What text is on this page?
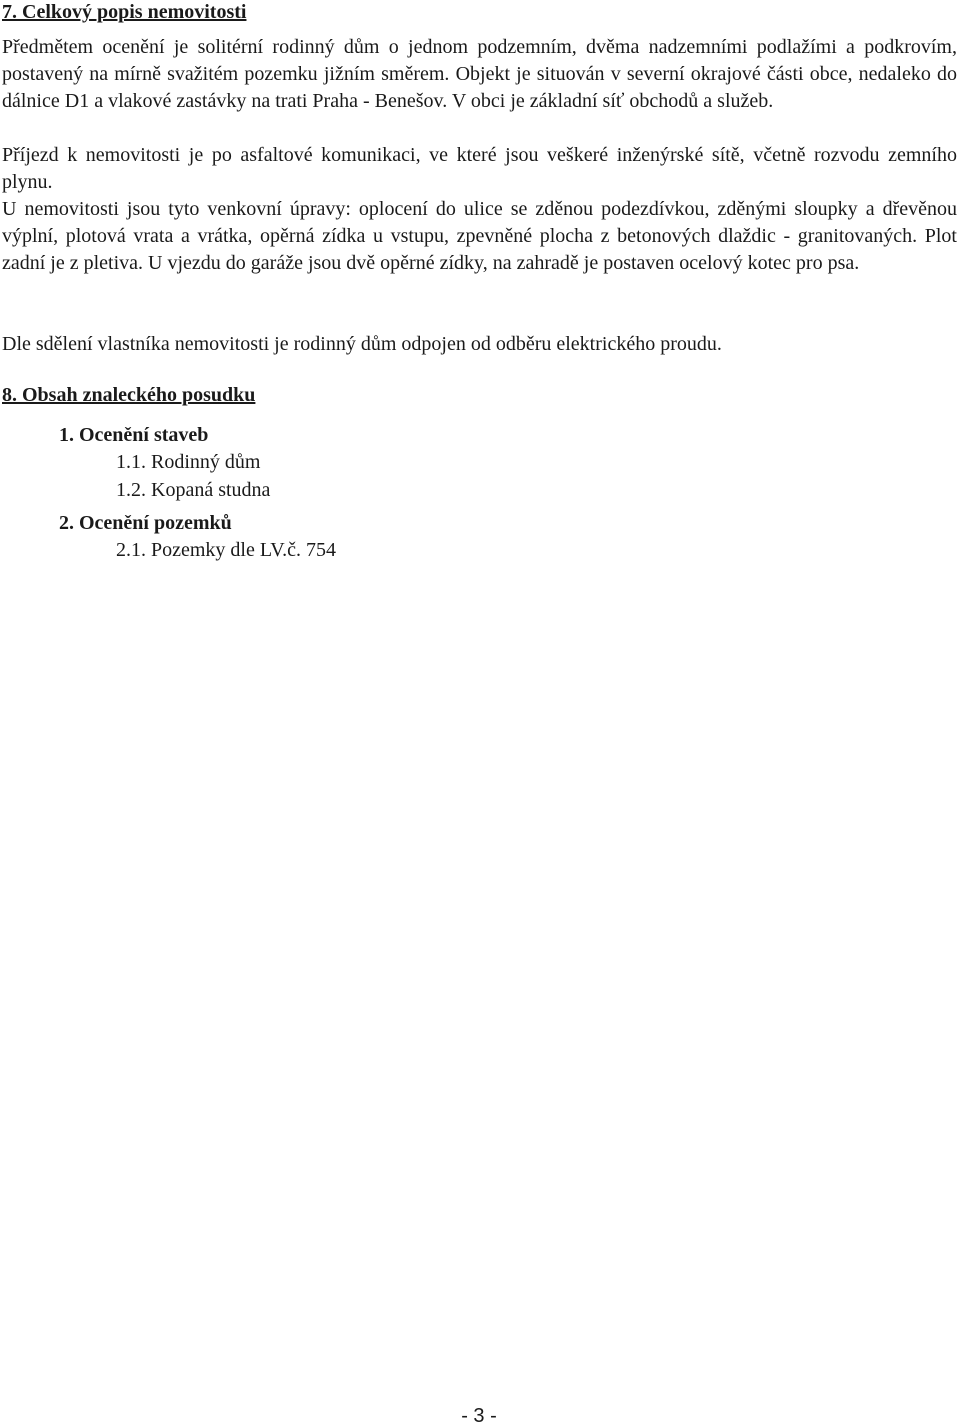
7. Celkový popis nemovitosti

Předmětem ocenění je solitérní rodinný dům o jednom podzemním, dvěma nadzemními podlažími a podkrovím, postavený na mírně svažitém pozemku jižním směrem. Objekt je situován v severní okrajové části obce, nedaleko do dálnice D1 a vlakové zastávky na trati Praha - Benešov. V obci je základní síť obchodů a služeb.

Příjezd k nemovitosti je po asfaltové komunikaci, ve které jsou veškeré inženýrské sítě, včetně rozvodu zemního plynu.

U nemovitosti jsou tyto venkovní úpravy: oplocení do ulice se zděnou podezdívkou, zděnými sloupky a dřevěnou výplní, plotová vrata a vrátka, opěrná zídka u vstupu, zpevněné plocha z betonových dlaždic - granitovaných. Plot zadní je z pletiva. U vjezdu do garáže jsou dvě opěrné zídky, na zahradě je postaven ocelový kotec pro psa.

Dle sdělení vlastníka nemovitosti je rodinný dům odpojen od odběru elektrického proudu.

8. Obsah znaleckého posudku
1. Ocenění staveb
1.1. Rodinný dům
1.2. Kopaná studna
2. Ocenění pozemků
2.1. Pozemky dle LV.č. 754
- 3 -
